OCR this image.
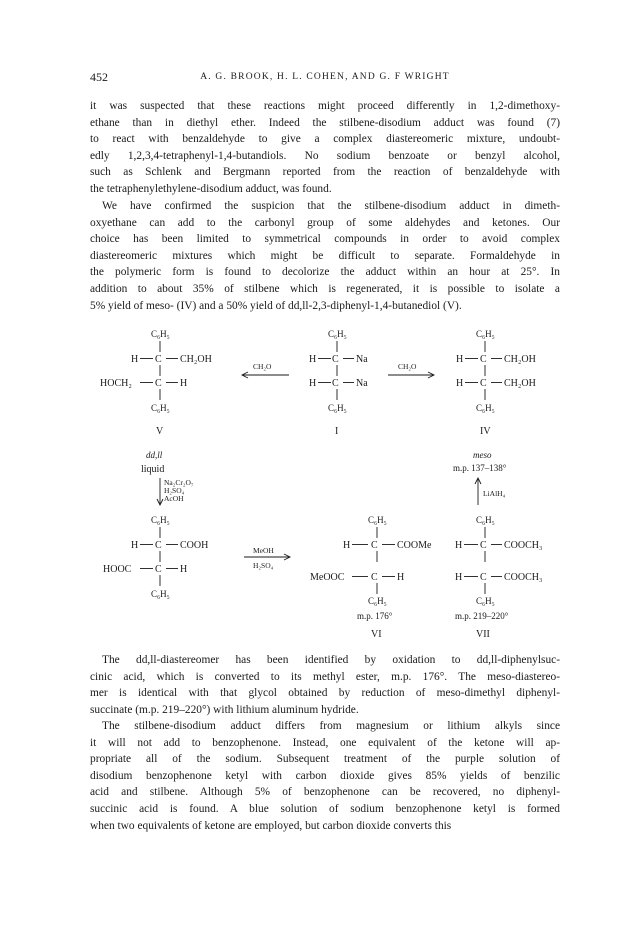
452	A. G. BROOK, H. L. COHEN, AND G. F WRIGHT
it was suspected that these reactions might proceed differently in 1,2-dimethoxy-
ethane than in diethyl ether. Indeed the stilbene-disodium adduct was found (7)
to react with benzaldehyde to give a complex diastereomeric mixture, undoubt-
edly 1,2,3,4-tetraphenyl-1,4-butandiols. No sodium benzoate or benzyl alcohol,
such as Schlenk and Bergmann reported from the reaction of benzaldehyde with
the tetraphenylethylene-disodium adduct, was found.
We have confirmed the suspicion that the stilbene-disodium adduct in dimeth-
oxyethane can add to the carbonyl group of some aldehydes and ketones. Our
choice has been limited to symmetrical compounds in order to avoid complex
diastereomeric mixtures which might be difficult to separate. Formaldehyde in
the polymeric form is found to decolorize the adduct within an hour at 25°. In
addition to about 35% of stilbene which is regenerated, it is possible to isolate a
5% yield of meso- (IV) and a 50% yield of dd,ll-2,3-diphenyl-1,4-butanediol (V).
The dd,ll-diastereomer has been identified by oxidation to dd,ll-diphenylsuc-
cinic acid, which is converted to its methyl ester, m.p. 176°. The meso-diastereo-
mer is identical with that glycol obtained by reduction of meso-dimethyl diphenyl-
succinate (m.p. 219–220°) with lithium aluminum hydride.
The stilbene-disodium adduct differs from magnesium or lithium alkyls since
it will not add to benzophenone. Instead, one equivalent of the ketone will ap-
propriate all of the sodium. Subsequent treatment of the purple solution of
disodium benzophenone ketyl with carbon dioxide gives 85% yields of benzilic
acid and stilbene. Although 5% of benzophenone can be recovered, no diphenyl-
succinic acid is found. A blue solution of sodium benzophenone ketyl is formed
when two equivalents of ketone are employed, but carbon dioxide converts this
C₆H₅
H C CH₂OH
HOCH₂ C H
C₆H₅
V
CH₂O
C₆H₅
H C Na
H C Na
C₆H₅
I
CH₂O
C₆H₅
H C CH₂OH
H C CH₂OH
C₆H₅
IV
dd,ll
liquid
Na₂Cr₂O₇
H₂SO₄
AcOH
meso
m.p. 137–138°
LiAlH₄
C₆H₅
H C COOH
HOOC C H
C₆H₅
MeOH
H₂SO₄
C₆H₅
H C COOMe
MeOOC	C H
C₆H₅
m.p. 176°
VI
C₆H₅
H C COOCH₃
H C COOCH₃
C₆H₅
m.p. 219–220°
VII
